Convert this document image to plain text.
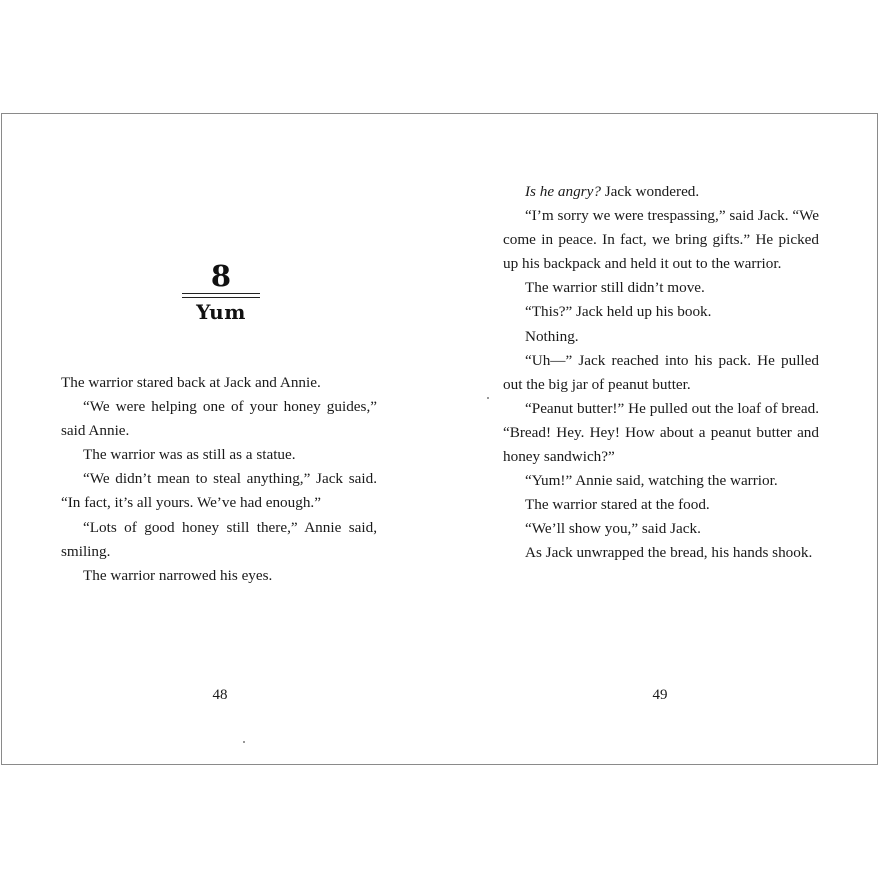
8
Yum

The warrior stared back at Jack and Annie.

“We were helping one of your honey guides,” said Annie.

The warrior was as still as a statue.

“We didn’t mean to steal anything,” Jack said. “In fact, it’s all yours. We’ve had enough.”

“Lots of good honey still there,” Annie said, smiling.

The warrior narrowed his eyes.

48

Is he angry? Jack wondered.

“I’m sorry we were trespassing,” said Jack. “We come in peace. In fact, we bring gifts.” He picked up his backpack and held it out to the warrior.

The warrior still didn’t move.

“This?” Jack held up his book.

Nothing.

“Uh—” Jack reached into his pack. He pulled out the big jar of peanut butter.

“Peanut butter!” He pulled out the loaf of bread. “Bread! Hey. Hey! How about a peanut butter and honey sandwich?”

“Yum!” Annie said, watching the warrior.

The warrior stared at the food.

“We’ll show you,” said Jack.

As Jack unwrapped the bread, his hands shook.

49
